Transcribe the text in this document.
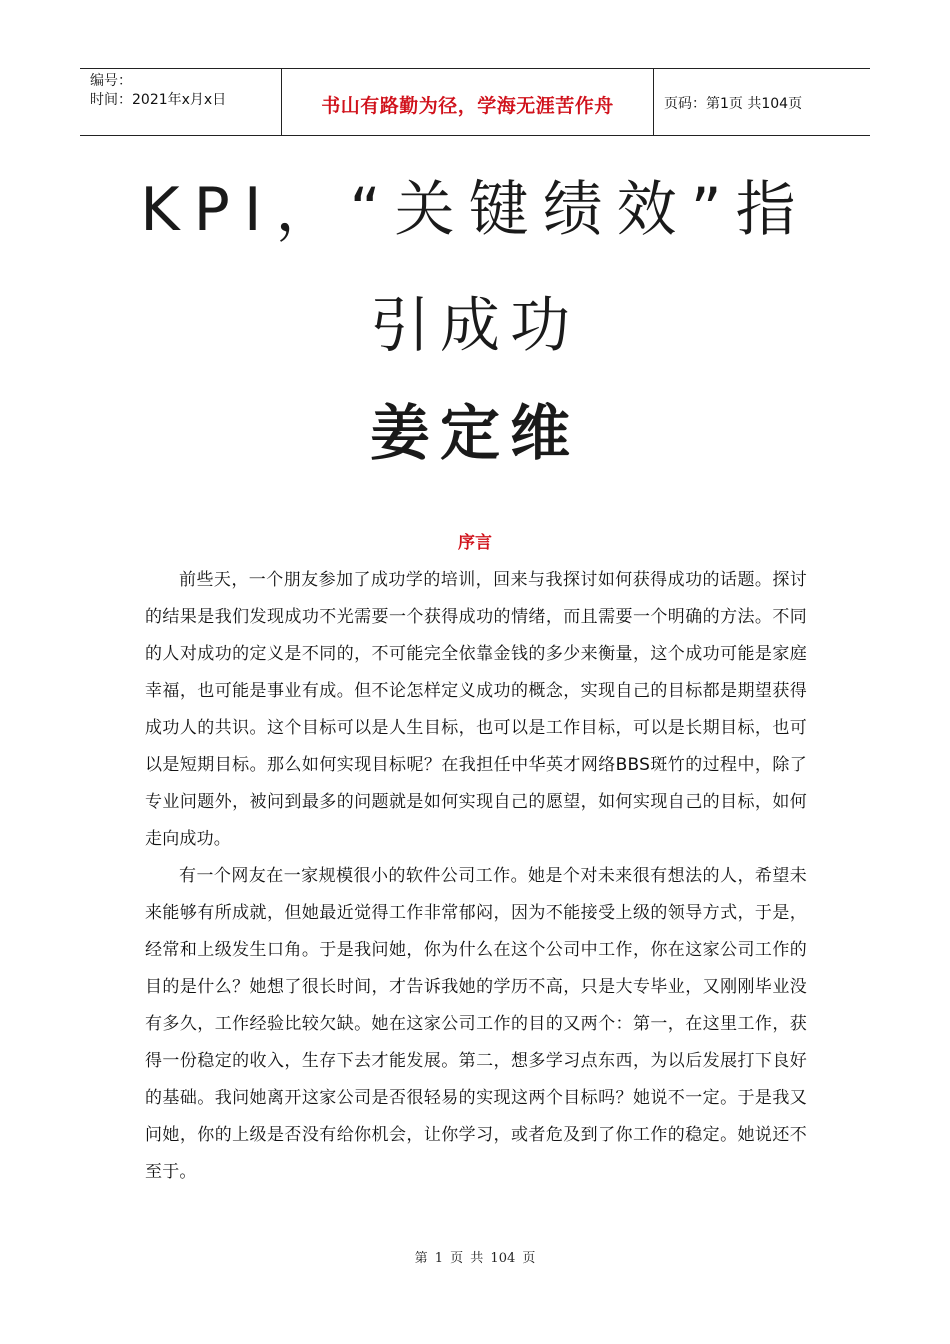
编号：
时间：2021年x月x日	书山有路勤为径，学海无涯苦作舟	页码：第1页 共104页
KPI，“关键绩效”指
引成功
姜定维
序言

前些天，一个朋友参加了成功学的培训，回来与我探讨如何获得成功的话题。探讨的结果是我们发现成功不光需要一个获得成功的情绪，而且需要一个明确的方法。不同的人对成功的定义是不同的，不可能完全依靠金钱的多少来衡量，这个成功可能是家庭幸福，也可能是事业有成。但不论怎样定义成功的概念，实现自己的目标都是期望获得成功人的共识。这个目标可以是人生目标，也可以是工作目标，可以是长期目标，也可以是短期目标。那么如何实现目标呢？在我担任中华英才网络BBS斑竹的过程中，除了专业问题外，被问到最多的问题就是如何实现自己的愿望，如何实现自己的目标，如何走向成功。

有一个网友在一家规模很小的软件公司工作。她是个对未来很有想法的人，希望未来能够有所成就，但她最近觉得工作非常郁闷，因为不能接受上级的领导方式，于是，经常和上级发生口角。于是我问她，你为什么在这个公司中工作，你在这家公司工作的目的是什么？她想了很长时间，才告诉我她的学历不高，只是大专毕业，又刚刚毕业没有多久，工作经验比较欠缺。她在这家公司工作的目的又两个：第一，在这里工作，获得一份稳定的收入，生存下去才能发展。第二，想多学习点东西，为以后发展打下良好的基础。我问她离开这家公司是否很轻易的实现这两个目标吗？她说不一定。于是我又问她，你的上级是否没有给你机会，让你学习，或者危及到了你工作的稳定。她说还不至于。

第 1 页 共 104 页
